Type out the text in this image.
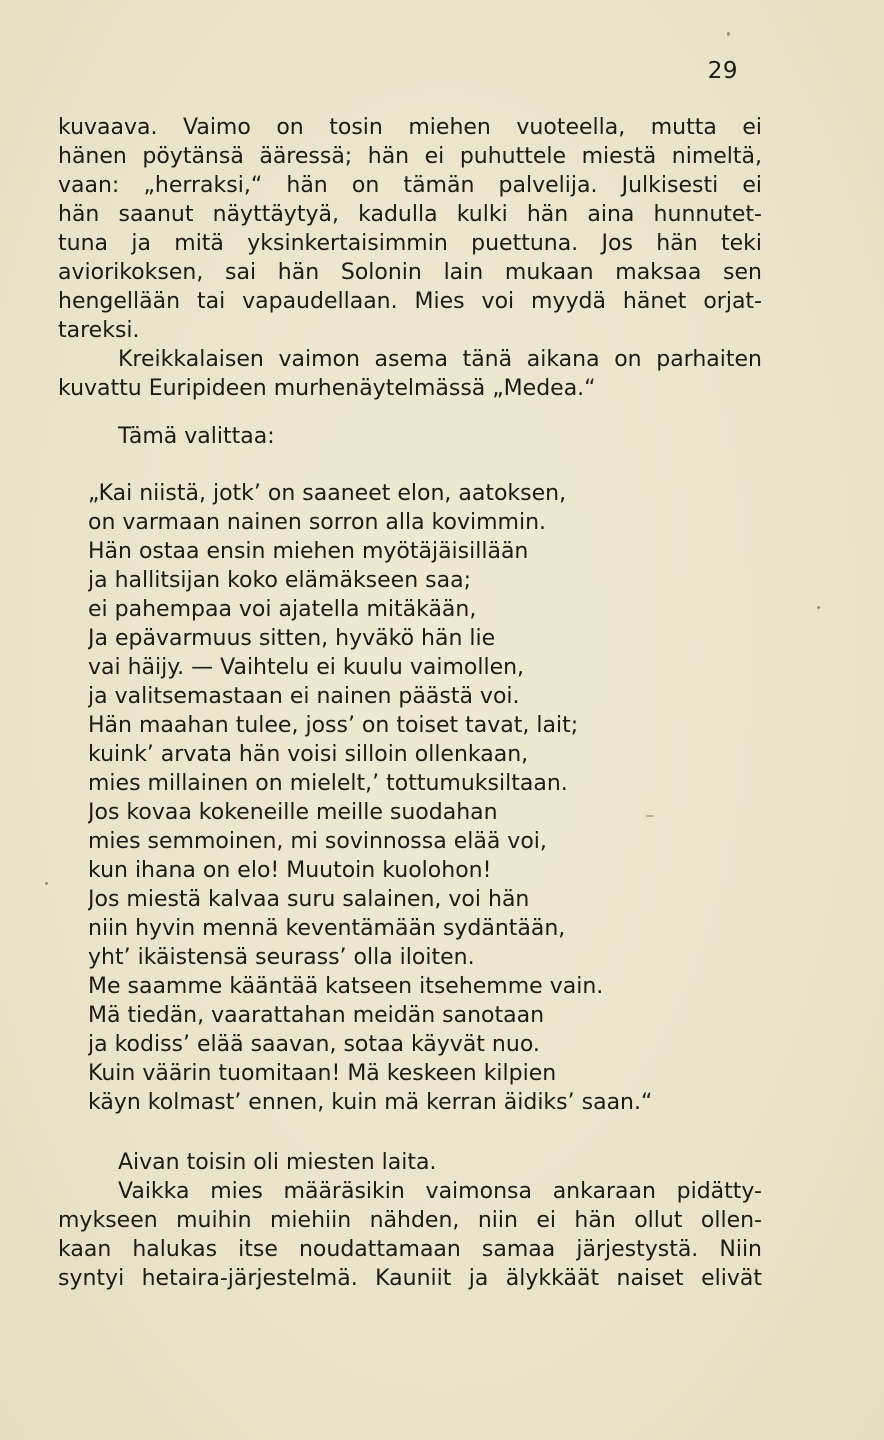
29
kuvaava. Vaimo on tosin miehen vuoteella, mutta ei
hänen pöytänsä ääressä; hän ei puhuttele miestä nimeltä,
vaan: „herraksi,“ hän on tämän palvelija. Julkisesti ei
hän saanut näyttäytyä, kadulla kulki hän aina hunnutet-
tuna ja mitä yksinkertaisimmin puettuna. Jos hän teki
aviorikoksen, sai hän Solonin lain mukaan maksaa sen
hengellään tai vapaudellaan. Mies voi myydä hänet orjat-
tareksi.
Kreikkalaisen vaimon asema tänä aikana on parhaiten
kuvattu Euripideen murhenäytelmässä „Medea.“
Tämä valittaa:
„Kai niistä, jotk’ on saaneet elon, aatoksen,
on varmaan nainen sorron alla kovimmin.
Hän ostaa ensin miehen myötäjäisillään
ja hallitsijan koko elämäkseen saa;
ei pahempaa voi ajatella mitäkään,
Ja epävarmuus sitten, hyväkö hän lie
vai häijy. — Vaihtelu ei kuulu vaimollen,
ja valitsemastaan ei nainen päästä voi.
Hän maahan tulee, joss’ on toiset tavat, lait;
kuink’ arvata hän voisi silloin ollenkaan,
mies millainen on mielelt,’ tottumuksiltaan.
Jos kovaa kokeneille meille suodahan
mies semmoinen, mi sovinnossa elää voi,
kun ihana on elo! Muutoin kuolohon!
Jos miestä kalvaa suru salainen, voi hän
niin hyvin mennä keventämään sydäntään,
yht’ ikäistensä seurass’ olla iloiten.
Me saamme kääntää katseen itsehemme vain.
Mä tiedän, vaarattahan meidän sanotaan
ja kodiss’ elää saavan, sotaa käyvät nuo.
Kuin väärin tuomitaan! Mä keskeen kilpien
käyn kolmast’ ennen, kuin mä kerran äidiks’ saan.“
Aivan toisin oli miesten laita.
Vaikka mies määräsikin vaimonsa ankaraan pidätty-
mykseen muihin miehiin nähden, niin ei hän ollut ollen-
kaan halukas itse noudattamaan samaa järjestystä. Niin
syntyi hetaira-järjestelmä. Kauniit ja älykkäät naiset elivät
